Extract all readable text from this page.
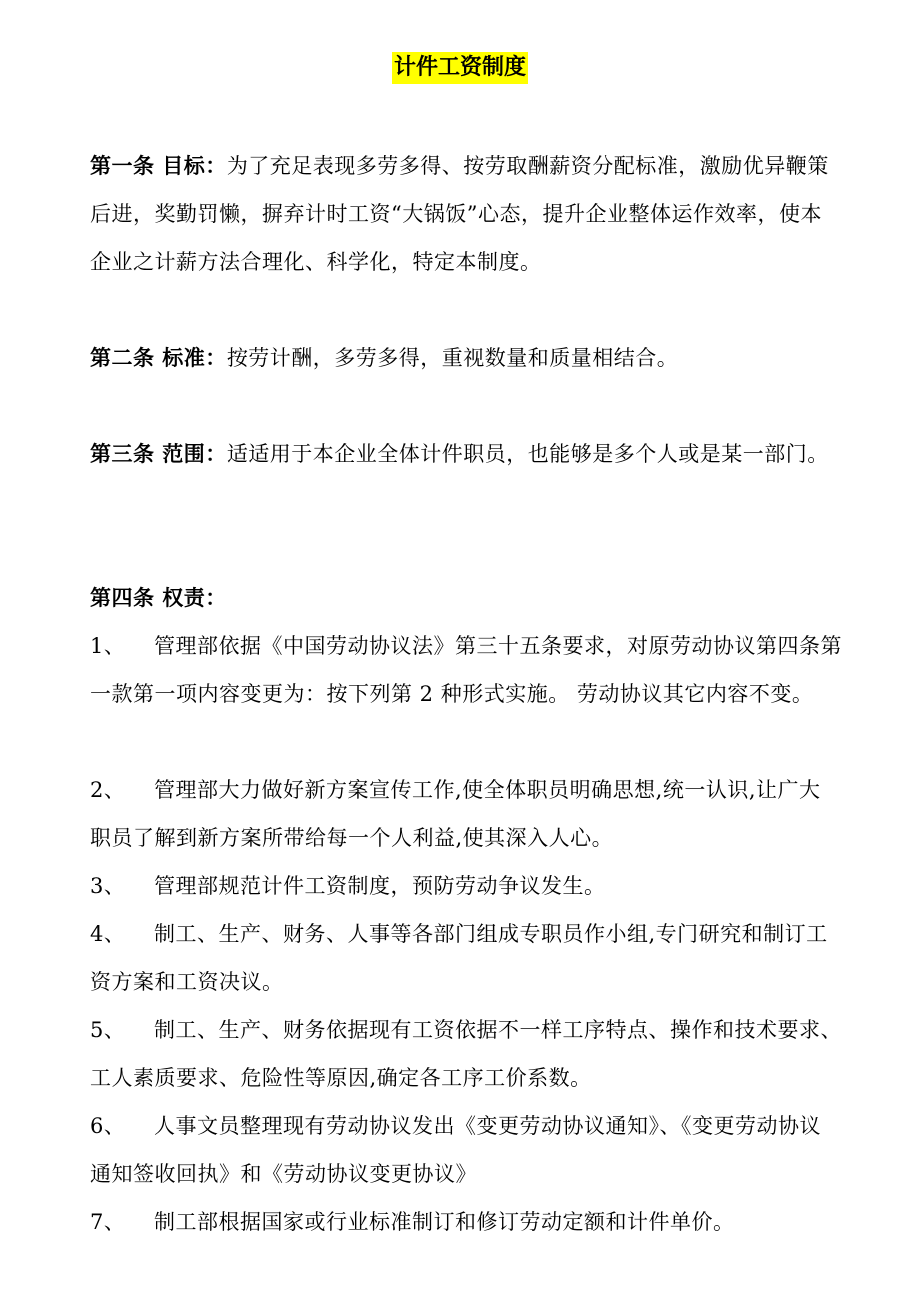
计件工资制度

第一条 目标：为了充足表现多劳多得、按劳取酬薪资分配标准，激励优异鞭策后进，奖勤罚懒，摒弃计时工资“大锅饭”心态，提升企业整体运作效率，使本企业之计薪方法合理化、科学化，特定本制度。

第二条 标准：按劳计酬，多劳多得，重视数量和质量相结合。

第三条 范围：适适用于本企业全体计件职员，也能够是多个人或是某一部门。

第四条 权责：

1、 管理部依据《中国劳动协议法》第三十五条要求，对原劳动协议第四条第一款第一项内容变更为：按下列第 2 种形式实施。 劳动协议其它内容不变。

2、 管理部大力做好新方案宣传工作,使全体职员明确思想,统一认识,让广大职员了解到新方案所带给每一个人利益,使其深入人心。

3、 管理部规范计件工资制度，预防劳动争议发生。

4、 制工、生产、财务、人事等各部门组成专职员作小组,专门研究和制订工资方案和工资决议。

5、 制工、生产、财务依据现有工资依据不一样工序特点、操作和技术要求、工人素质要求、危险性等原因,确定各工序工价系数。

6、 人事文员整理现有劳动协议发出《变更劳动协议通知》、《变更劳动协议通知签收回执》和《劳动协议变更协议》

7、 制工部根据国家或行业标准制订和修订劳动定额和计件单价。
